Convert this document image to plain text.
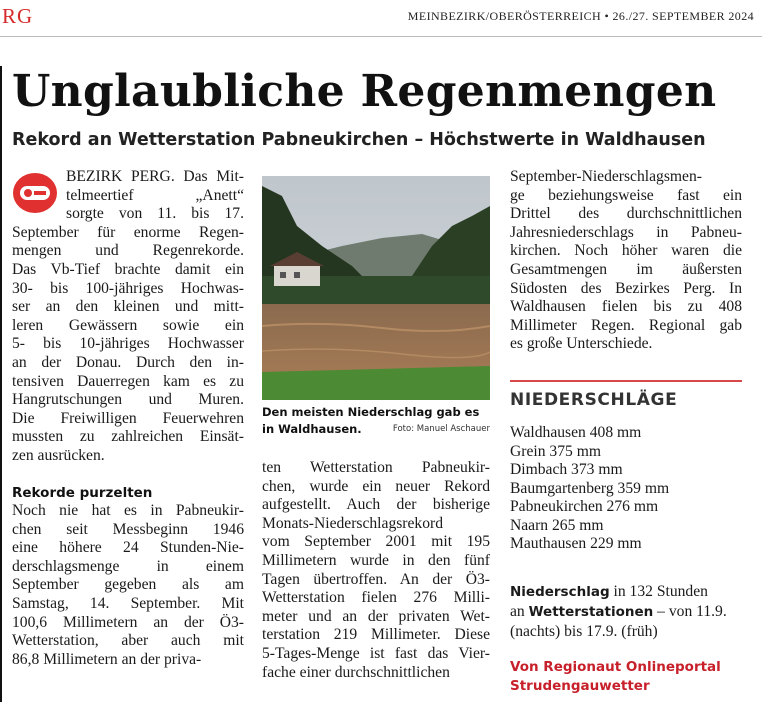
RG	MEINBEZIRK/OBERÖSTERREICH • 26./27. SEPTEMBER 2024
Unglaubliche Regenmengen
Rekord an Wetterstation Pabneukirchen – Höchstwerte in Waldhausen
BEZIRK PERG. Das Mit-
telmeertief „Anett“
sorgte von 11. bis 17.
September für enorme Regen-
mengen und Regenrekorde.
Das Vb-Tief brachte damit ein
30- bis 100-jähriges Hochwas-
ser an den kleinen und mitt-
leren Gewässern sowie ein
5- bis 10-jähriges Hochwasser
an der Donau. Durch den in-
tensiven Dauerregen kam es zu
Hangrutschungen und Muren.
Die Freiwilligen Feuerwehren
mussten zu zahlreichen Einsät-
zen ausrücken.
Rekorde purzelten
Noch nie hat es in Pabneukir-
chen seit Messbeginn 1946
eine höhere 24 Stunden-Nie-
derschlagsmenge in einem
September gegeben als am
Samstag, 14. September. Mit
100,6 Millimetern an der Ö3-
Wetterstation, aber auch mit
86,8 Millimetern an der priva-
Den meisten Niederschlag gab es in Waldhausen.	Foto: Manuel Aschauer
ten Wetterstation Pabneukir-
chen, wurde ein neuer Rekord
aufgestellt. Auch der bisherige
Monats-Niederschlagsrekord
vom September 2001 mit 195
Millimetern wurde in den fünf
Tagen übertroffen. An der Ö3-
Wetterstation fielen 276 Milli-
meter und an der privaten Wet-
terstation 219 Millimeter. Diese
5-Tages-Menge ist fast das Vier-
fache einer durchschnittlichen
September-Niederschlagsmen-
ge beziehungsweise fast ein
Drittel des durchschnittlichen
Jahresniederschlags in Pabneu-
kirchen. Noch höher waren die
Gesamtmengen im äußersten
Südosten des Bezirkes Perg. In
Waldhausen fielen bis zu 408
Millimeter Regen. Regional gab
es große Unterschiede.
NIEDERSCHLÄGE
Waldhausen 408 mm
Grein 375 mm
Dimbach 373 mm
Baumgartenberg 359 mm
Pabneukirchen 276 mm
Naarn 265 mm
Mauthausen 229 mm
Niederschlag in 132 Stunden
an Wetterstationen – von 11.9.
(nachts) bis 17.9. (früh)
Von Regionaut Onlineportal
Strudengauwetter
